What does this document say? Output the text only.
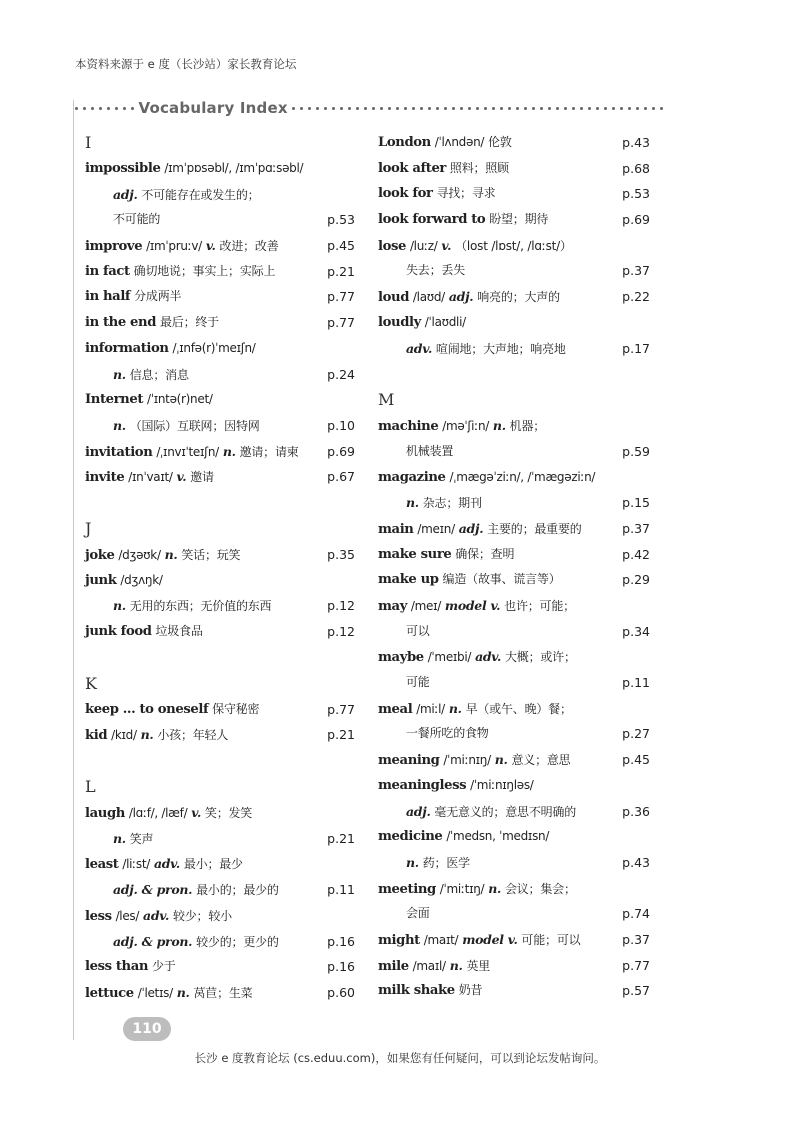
本资料来源于 e 度（长沙站）家长教育论坛
Vocabulary Index
I
impossible /ɪmˈpɒsəbl/, /ɪmˈpɑːsəbl/
adj. 不可能存在或发生的；
不可能的	p.53
improve /ɪmˈpruːv/ v. 改进；改善	p.45
in fact 确切地说；事实上；实际上	p.21
in half 分成两半	p.77
in the end 最后；终于	p.77
information /ˌɪnfə(r)ˈmeɪʃn/
n. 信息；消息	p.24
Internet /ˈɪntə(r)net/
n. （国际）互联网；因特网	p.10
invitation /ˌɪnvɪˈteɪʃn/ n. 邀请；请柬 p.69
invite /ɪnˈvaɪt/ v. 邀请	p.67
J
joke /dʒəʊk/ n. 笑话；玩笑	p.35
junk /dʒʌŋk/
n. 无用的东西；无价值的东西	p.12
junk food 垃圾食品	p.12
K
keep ... to oneself 保守秘密	p.77
kid /kɪd/ n. 小孩；年轻人	p.21
L
laugh /lɑːf/, /læf/ v. 笑；发笑
n. 笑声	p.21
least /liːst/ adv. 最小；最少
adj. & pron. 最小的；最少的	p.11
less /les/ adv. 较少；较小
adj. & pron. 较少的；更少的	p.16
less than 少于	p.16
lettuce /ˈletɪs/ n. 莴苣；生菜	p.60
London /ˈlʌndən/ 伦敦	p.43
look after 照料；照顾	p.68
look for 寻找；寻求	p.53
look forward to 盼望；期待	p.69
lose /luːz/ v. （lost /lɒst/, /lɑːst/）
失去；丢失	p.37
loud /laʊd/ adj. 响亮的；大声的	p.22
loudly /ˈlaʊdli/
adv. 喧闹地；大声地；响亮地	p.17
M
machine /məˈʃiːn/ n. 机器；
机械装置	p.59
magazine /ˌmægəˈziːn/, /ˈmægəziːn/
n. 杂志；期刊	p.15
main /meɪn/ adj. 主要的；最重要的	p.37
make sure 确保；查明	p.42
make up 编造（故事、谎言等）	p.29
may /meɪ/ model v. 也许；可能；
可以	p.34
maybe /ˈmeɪbi/ adv. 大概；或许；
可能	p.11
meal /miːl/ n. 早（或午、晚）餐；
一餐所吃的食物	p.27
meaning /ˈmiːnɪŋ/ n. 意义；意思	p.45
meaningless /ˈmiːnɪŋləs/
adj. 毫无意义的；意思不明确的	p.36
medicine /ˈmedsn, ˈmedɪsn/
n. 药；医学	p.43
meeting /ˈmiːtɪŋ/ n. 会议；集会；
会面	p.74
might /maɪt/ model v. 可能；可以	p.37
mile /maɪl/ n. 英里	p.77
milk shake 奶昔	p.57
110
长沙 e 度教育论坛 (cs.eduu.com)，如果您有任何疑问，可以到论坛发帖询问。
